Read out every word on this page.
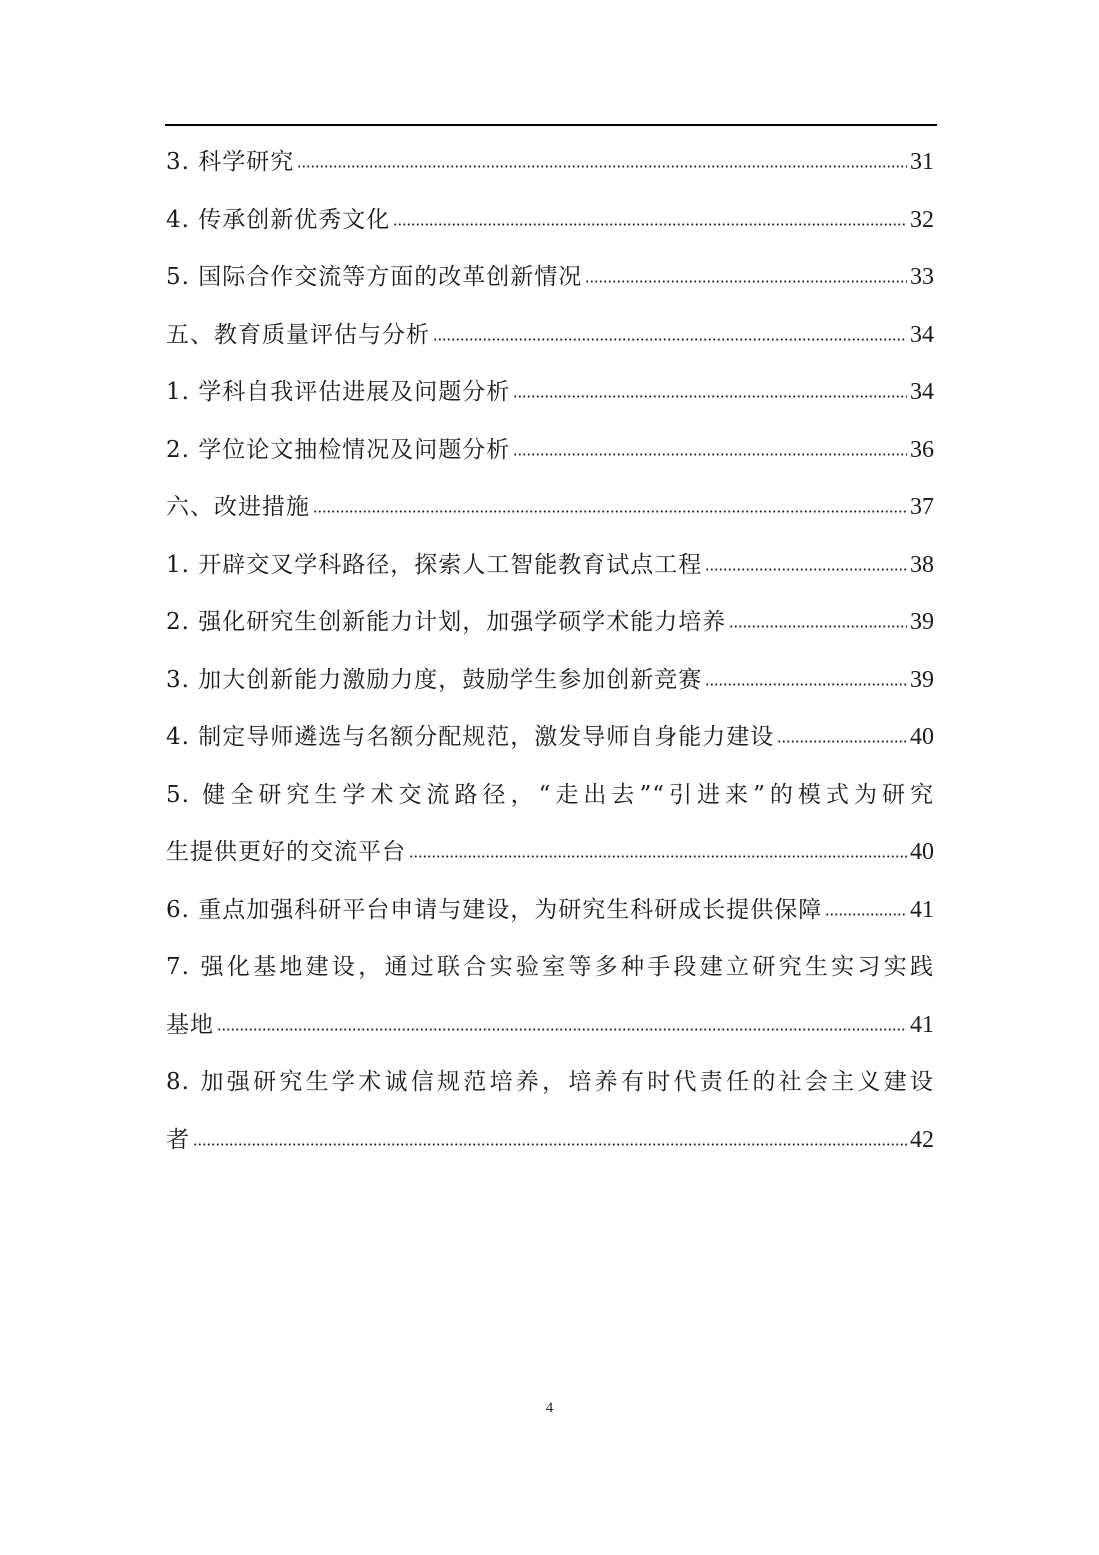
3. 科学研究	31
4. 传承创新优秀文化	32
5. 国际合作交流等方面的改革创新情况	33
五、教育质量评估与分析	34
1. 学科自我评估进展及问题分析	34
2. 学位论文抽检情况及问题分析	36
六、改进措施	37
1. 开辟交叉学科路径，探索人工智能教育试点工程	38
2. 强化研究生创新能力计划，加强学硕学术能力培养	39
3. 加大创新能力激励力度，鼓励学生参加创新竞赛	39
4. 制定导师遴选与名额分配规范，激发导师自身能力建设	40
5. 健全研究生学术交流路径，“走出去”“引进来”的模式为研究
生提供更好的交流平台	40
6. 重点加强科研平台申请与建设，为研究生科研成长提供保障	41
7. 强化基地建设，通过联合实验室等多种手段建立研究生实习实践
基地	41
8. 加强研究生学术诚信规范培养，培养有时代责任的社会主义建设
者	42
4
